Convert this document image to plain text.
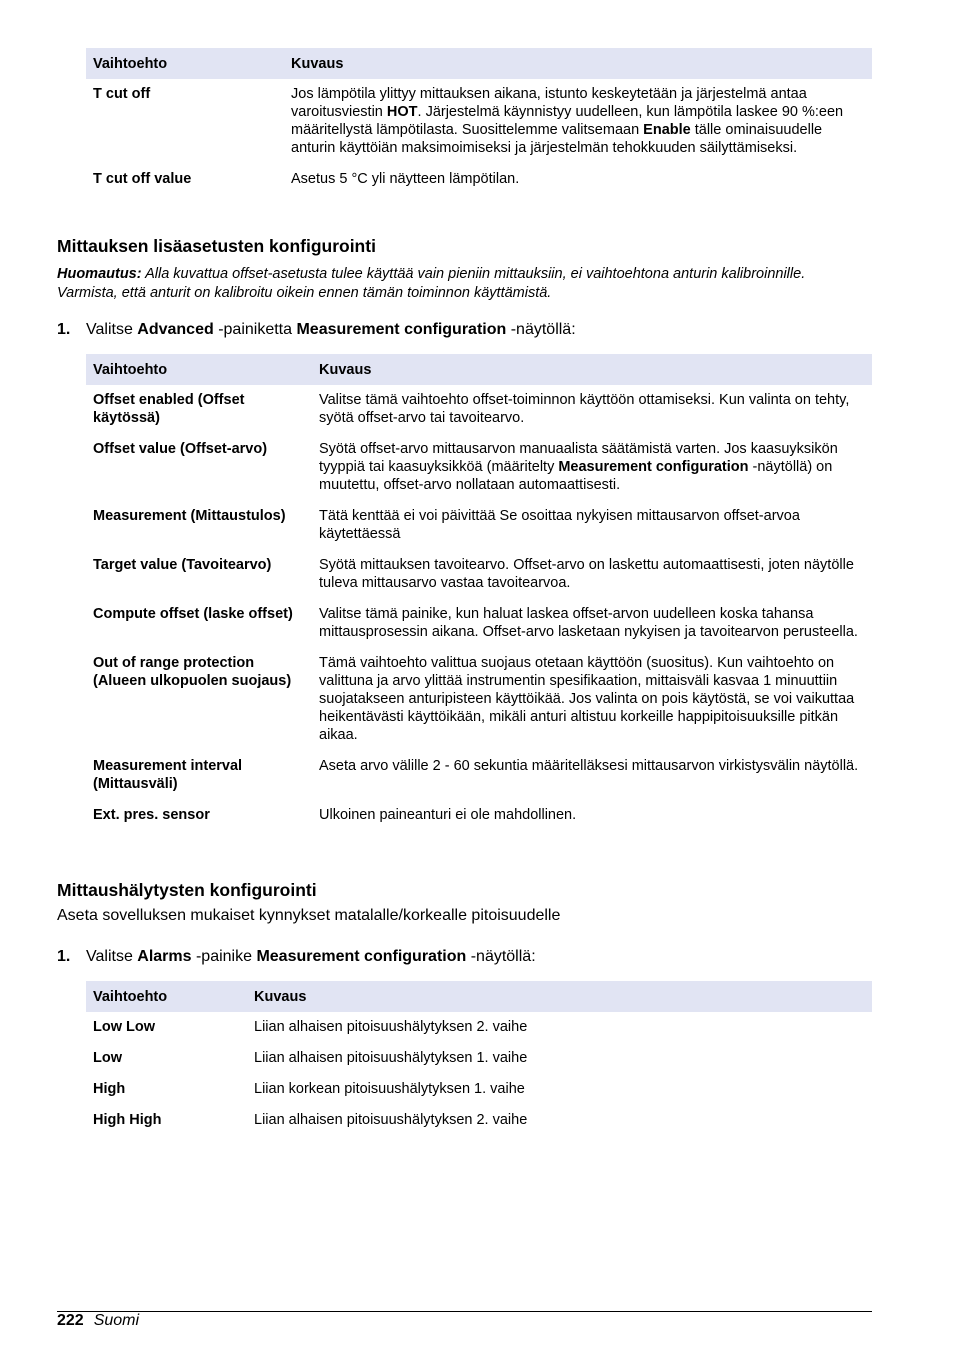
Vaihtoehto	Kuvaus
T cut off	Jos lämpötila ylittyy mittauksen aikana, istunto keskeytetään ja järjestelmä antaa varoitusviestin HOT. Järjestelmä käynnistyy uudelleen, kun lämpötila laskee 90 %:een määritellystä lämpötilasta. Suosittelemme valitsemaan Enable tälle ominaisuudelle anturin käyttöiän maksimoimiseksi ja järjestelmän tehokkuuden säilyttämiseksi.
T cut off value	Asetus 5 °C yli näytteen lämpötilan.
Mittauksen lisäasetusten konfigurointi

Huomautus: Alla kuvattua offset-asetusta tulee käyttää vain pieniin mittauksiin, ei vaihtoehtona anturin kalibroinnille. Varmista, että anturit on kalibroitu oikein ennen tämän toiminnon käyttämistä.

1. Valitse Advanced -painiketta Measurement configuration -näytöllä:

Vaihtoehto	Kuvaus
Offset enabled (Offset käytössä)	Valitse tämä vaihtoehto offset-toiminnon käyttöön ottamiseksi. Kun valinta on tehty, syötä offset-arvo tai tavoitearvo.
Offset value (Offset-arvo)	Syötä offset-arvo mittausarvon manuaalista säätämistä varten. Jos kaasuyksikön tyyppiä tai kaasuyksikköä (määritelty Measurement configuration -näytöllä) on muutettu, offset-arvo nollataan automaattisesti.
Measurement (Mittaustulos)	Tätä kenttää ei voi päivittää Se osoittaa nykyisen mittausarvon offset-arvoa käytettäessä
Target value (Tavoitearvo)	Syötä mittauksen tavoitearvo. Offset-arvo on laskettu automaattisesti, joten näytölle tuleva mittausarvo vastaa tavoitearvoa.
Compute offset (laske offset)	Valitse tämä painike, kun haluat laskea offset-arvon uudelleen koska tahansa mittausprosessin aikana. Offset-arvo lasketaan nykyisen ja tavoitearvon perusteella.
Out of range protection (Alueen ulkopuolen suojaus)	Tämä vaihtoehto valittua suojaus otetaan käyttöön (suositus). Kun vaihtoehto on valittuna ja arvo ylittää instrumentin spesifikaation, mittaisväli kasvaa 1 minuuttiin suojatakseen anturipisteen käyttöikää. Jos valinta on pois käytöstä, se voi vaikuttaa heikentävästi käyttöikään, mikäli anturi altistuu korkeille happipitoisuuksille pitkän aikaa.
Measurement interval (Mittausväli)	Aseta arvo välille 2 - 60 sekuntia määritelläksesi mittausarvon virkistysvälin näytöllä.
Ext. pres. sensor	Ulkoinen paineanturi ei ole mahdollinen.
Mittaushälytysten konfigurointi

Aseta sovelluksen mukaiset kynnykset matalalle/korkealle pitoisuudelle

1. Valitse Alarms -painike Measurement configuration -näytöllä:

Vaihtoehto	Kuvaus
Low Low	Liian alhaisen pitoisuushälytyksen 2. vaihe
Low	Liian alhaisen pitoisuushälytyksen 1. vaihe
High	Liian korkean pitoisuushälytyksen 1. vaihe
High High	Liian alhaisen pitoisuushälytyksen 2. vaihe
222 Suomi
